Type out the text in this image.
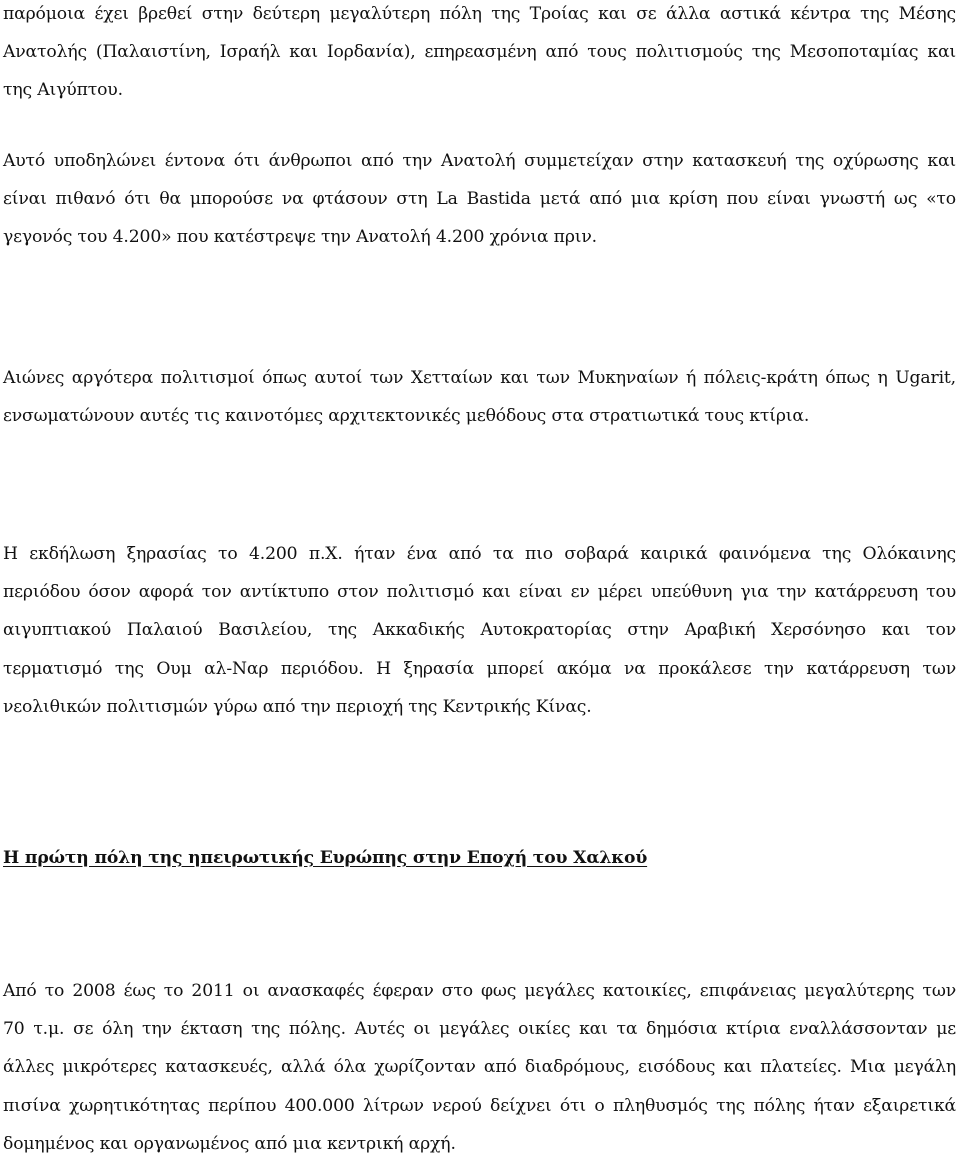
παρόμοια έχει βρεθεί στην δεύτερη μεγαλύτερη πόλη της Τροίας και σε άλλα αστικά κέντρα της Μέσης
Ανατολής (Παλαιστίνη, Ισραήλ και Ιορδανία), επηρεασμένη από τους πολιτισμούς της Μεσοποταμίας και
της Αιγύπτου.
Αυτό υποδηλώνει έντονα ότι άνθρωποι από την Ανατολή συμμετείχαν στην κατασκευή της οχύρωσης και
είναι πιθανό ότι θα μπορούσε να φτάσουν στη La Bastida μετά από μια κρίση που είναι γνωστή ως «το
γεγονός του 4.200» που κατέστρεψε την Ανατολή 4.200 χρόνια πριν.
Αιώνες αργότερα πολιτισμοί όπως αυτοί των Χετταίων και των Μυκηναίων ή πόλεις-κράτη όπως η Ugarit,
ενσωματώνουν αυτές τις καινοτόμες αρχιτεκτονικές μεθόδους στα στρατιωτικά τους κτίρια.
Η εκδήλωση ξηρασίας το 4.200 π.Χ. ήταν ένα από τα πιο σοβαρά καιρικά φαινόμενα της Ολόκαινης
περιόδου όσον αφορά τον αντίκτυπο στον πολιτισμό και είναι εν μέρει υπεύθυνη για την κατάρρευση του
αιγυπτιακού Παλαιού Βασιλείου, της Ακκαδικής Αυτοκρατορίας στην Αραβική Χερσόνησο και τον
τερματισμό της Ουμ αλ-Ναρ περιόδου. Η ξηρασία μπορεί ακόμα να προκάλεσε την κατάρρευση των
νεολιθικών πολιτισμών γύρω από την περιοχή της Κεντρικής Κίνας.
Η πρώτη πόλη της ηπειρωτικής Ευρώπης στην Εποχή του Χαλκού
Από το 2008 έως το 2011 οι ανασκαφές έφεραν στο φως μεγάλες κατοικίες, επιφάνειας μεγαλύτερης των
70 τ.μ. σε όλη την έκταση της πόλης. Αυτές οι μεγάλες οικίες και τα δημόσια κτίρια εναλλάσσονταν με
άλλες μικρότερες κατασκευές, αλλά όλα χωρίζονταν από διαδρόμους, εισόδους και πλατείες. Μια μεγάλη
πισίνα χωρητικότητας περίπου 400.000 λίτρων νερού δείχνει ότι ο πληθυσμός της πόλης ήταν εξαιρετικά
δομημένος και οργανωμένος από μια κεντρική αρχή.
